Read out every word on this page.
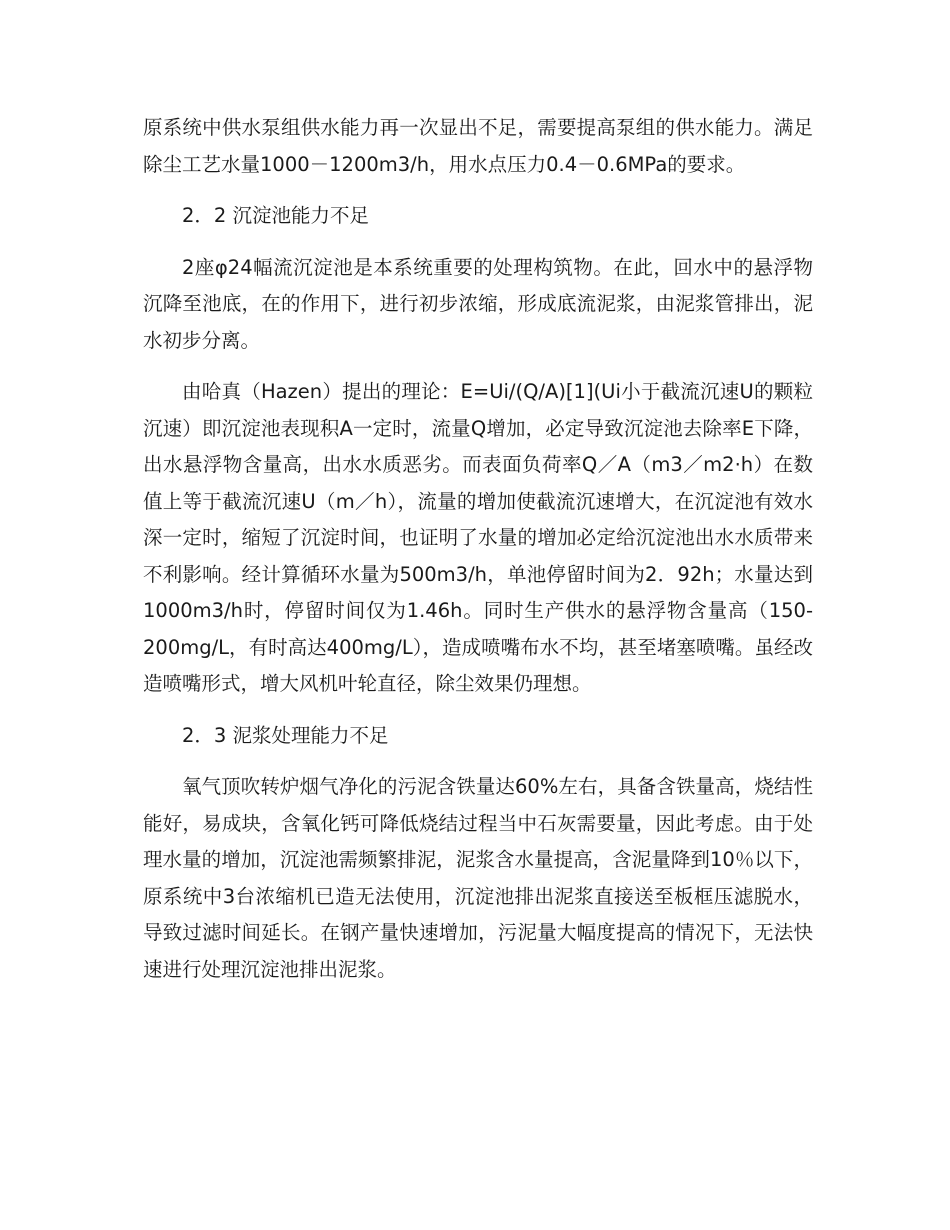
原系统中供水泵组供水能力再一次显出不足，需要提高泵组的供水能力。满足除尘工艺水量1000－1200m3/h，用水点压力0.4－0.6MPa的要求。

2．2 沉淀池能力不足

2座φ24幅流沉淀池是本系统重要的处理构筑物。在此，回水中的悬浮物沉降至池底，在的作用下，进行初步浓缩，形成底流泥浆，由泥浆管排出，泥水初步分离。

由哈真（Hazen）提出的理论：E=Ui/(Q/A)[1](Ui小于截流沉速U的颗粒沉速）即沉淀池表现积A一定时，流量Q增加，必定导致沉淀池去除率E下降，出水悬浮物含量高，出水水质恶劣。而表面负荷率Q／A（m3／m2·h）在数值上等于截流沉速U（m／h），流量的增加使截流沉速增大，在沉淀池有效水深一定时，缩短了沉淀时间，也证明了水量的增加必定给沉淀池出水水质带来不利影响。经计算循环水量为500m3/h，单池停留时间为2．92h；水量达到1000m3/h时，停留时间仅为1.46h。同时生产供水的悬浮物含量高（150-200mg/L，有时高达400mg/L），造成喷嘴布水不均，甚至堵塞喷嘴。虽经改造喷嘴形式，增大风机叶轮直径，除尘效果仍理想。

2．3 泥浆处理能力不足

氧气顶吹转炉烟气净化的污泥含铁量达60%左右，具备含铁量高，烧结性能好，易成块，含氧化钙可降低烧结过程当中石灰需要量，因此考虑。由于处理水量的增加，沉淀池需频繁排泥，泥浆含水量提高，含泥量降到10％以下，原系统中3台浓缩机已造无法使用，沉淀池排出泥浆直接送至板框压滤脱水，导致过滤时间延长。在钢产量快速增加，污泥量大幅度提高的情况下，无法快速进行处理沉淀池排出泥浆。
